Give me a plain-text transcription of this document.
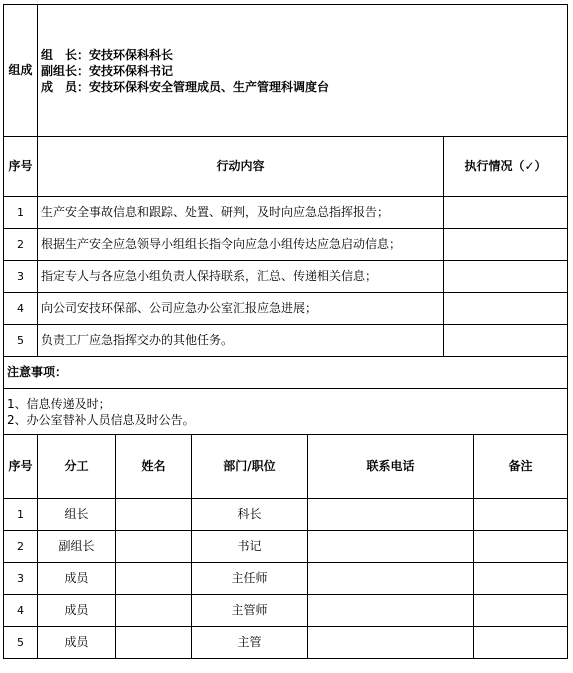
组成	组　长：安技环保科科长
副组长：安技环保科书记
成　员：安技环保科安全管理成员、生产管理科调度台	

序号	行动内容	执行情况（✓）
1	生产安全事故信息和跟踪、处置、研判，及时向应急总指挥报告；	
2	根据生产安全应急领导小组组长指令向应急小组传达应急启动信息；	
3	指定专人与各应急小组负责人保持联系，汇总、传递相关信息；	
4	向公司安技环保部、公司应急办公室汇报应急进展；	
5	负责工厂应急指挥交办的其他任务。	
注意事项：		

1、信息传递及时；
2、办公室替补人员信息及时公告。		
序号	分工	姓名	部门/职位	联系电话	备注
1	组长		科长		
2	副组长		书记		
3	成员		主任师		
4	成员		主管师		
5	成员		主管		
